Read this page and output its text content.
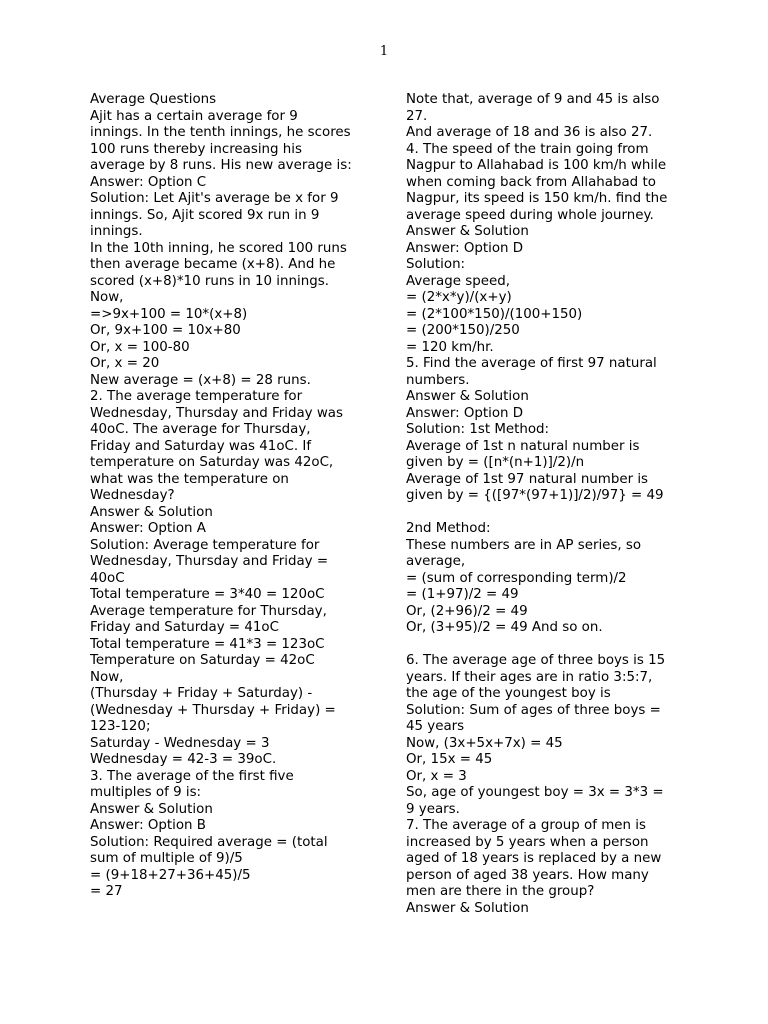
1
Average Questions
Ajit has a certain average for 9
innings. In the tenth innings, he scores
100 runs thereby increasing his
average by 8 runs. His new average is:
Answer: Option C
Solution: Let Ajit's average be x for 9
innings. So, Ajit scored 9x run in 9
innings.
In the 10th inning, he scored 100 runs
then average became (x+8). And he
scored (x+8)*10 runs in 10 innings.
Now,
=>9x+100 = 10*(x+8)
Or, 9x+100 = 10x+80
Or, x = 100-80
Or, x = 20
New average = (x+8) = 28 runs.
2. The average temperature for
Wednesday, Thursday and Friday was
40oC. The average for Thursday,
Friday and Saturday was 41oC. If
temperature on Saturday was 42oC,
what was the temperature on
Wednesday?
Answer & Solution
Answer: Option A
Solution: Average temperature for
Wednesday, Thursday and Friday =
40oC
Total temperature = 3*40 = 120oC
Average temperature for Thursday,
Friday and Saturday = 41oC
Total temperature = 41*3 = 123oC
Temperature on Saturday = 42oC
Now,
(Thursday + Friday + Saturday) -
(Wednesday + Thursday + Friday) =
123-120;
Saturday - Wednesday = 3
Wednesday = 42-3 = 39oC.
3. The average of the first five
multiples of 9 is:
Answer & Solution
Answer: Option B
Solution: Required average = (total
sum of multiple of 9)/5
= (9+18+27+36+45)/5
= 27
Note that, average of 9 and 45 is also
27.
And average of 18 and 36 is also 27.
4. The speed of the train going from
Nagpur to Allahabad is 100 km/h while
when coming back from Allahabad to
Nagpur, its speed is 150 km/h. find the
average speed during whole journey.
Answer & Solution
Answer: Option D
Solution:
Average speed,
= (2*x*y)/(x+y)
= (2*100*150)/(100+150)
= (200*150)/250
= 120 km/hr.
5. Find the average of first 97 natural
numbers.
Answer & Solution
Answer: Option D
Solution: 1st Method:
Average of 1st n natural number is
given by = ([n*(n+1)]/2)/n
Average of 1st 97 natural number is
given by = {([97*(97+1)]/2)/97} = 49
2nd Method:
These numbers are in AP series, so
average,
= (sum of corresponding term)/2
= (1+97)/2 = 49
Or, (2+96)/2 = 49
Or, (3+95)/2 = 49 And so on.
6. The average age of three boys is 15
years. If their ages are in ratio 3:5:7,
the age of the youngest boy is
Solution: Sum of ages of three boys =
45 years
Now, (3x+5x+7x) = 45
Or, 15x = 45
Or, x = 3
So, age of youngest boy = 3x = 3*3 =
9 years.
7. The average of a group of men is
increased by 5 years when a person
aged of 18 years is replaced by a new
person of aged 38 years. How many
men are there in the group?
Answer & Solution
